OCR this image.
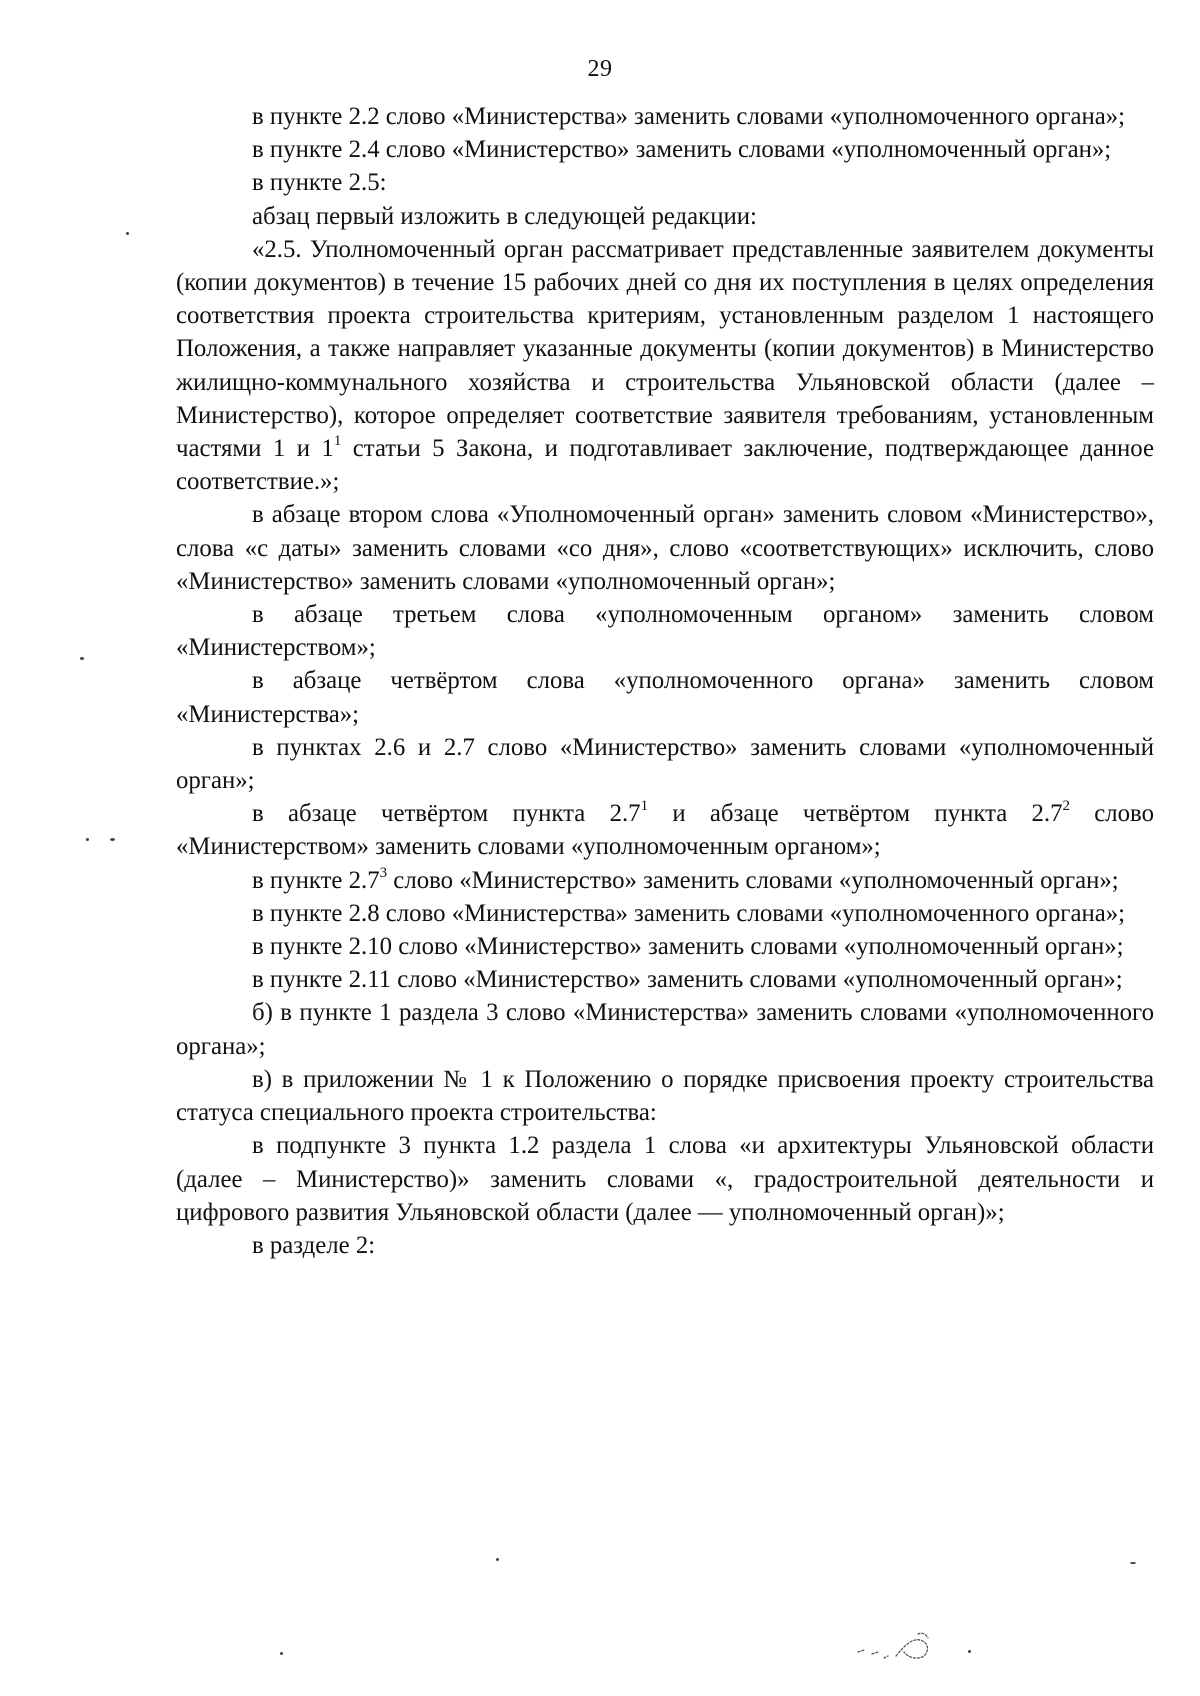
29

в пункте 2.2 слово «Министерства» заменить словами «уполномоченного органа»;

в пункте 2.4 слово «Министерство» заменить словами «уполномоченный орган»;

в пункте 2.5:

абзац первый изложить в следующей редакции:

«2.5. Уполномоченный орган рассматривает представленные заявителем документы (копии документов) в течение 15 рабочих дней со дня их поступления в целях определения соответствия проекта строительства критериям, установленным разделом 1 настоящего Положения, а также направляет указанные документы (копии документов) в Министерство жилищно-коммунального хозяйства и строительства Ульяновской области (далее – Министерство), которое определяет соответствие заявителя требованиям, установленным частями 1 и $1^1$ статьи 5 Закона, и подготавливает заключение, подтверждающее данное соответствие.»;

в абзаце втором слова «Уполномоченный орган» заменить словом «Министерство», слова «с даты» заменить словами «со дня», слово «соответствующих» исключить, слово «Министерство» заменить словами «уполномоченный орган»;

в абзаце третьем слова «уполномоченным органом» заменить словом «Министерством»;

в абзаце четвёртом слова «уполномоченного органа» заменить словом «Министерства»;

в пунктах 2.6 и 2.7 слово «Министерство» заменить словами «уполномоченный орган»;

в абзаце четвёртом пункта $2.7^1$ и абзаце четвёртом пункта $2.7^2$ слово «Министерством» заменить словами «уполномоченным органом»;

в пункте $2.7^3$ слово «Министерство» заменить словами «уполномоченный орган»;

в пункте 2.8 слово «Министерства» заменить словами «уполномоченного органа»;

в пункте 2.10 слово «Министерство» заменить словами «уполномоченный орган»;

в пункте 2.11 слово «Министерство» заменить словами «уполномоченный орган»;

б) в пункте 1 раздела 3 слово «Министерства» заменить словами «уполномоченного органа»;

в) в приложении № 1 к Положению о порядке присвоения проекту строительства статуса специального проекта строительства:

в подпункте 3 пункта 1.2 раздела 1 слова «и архитектуры Ульяновской области (далее – Министерство)» заменить словами «, градостроительной деятельности и цифрового развития Ульяновской области (далее — уполномоченный орган)»;

в разделе 2:
